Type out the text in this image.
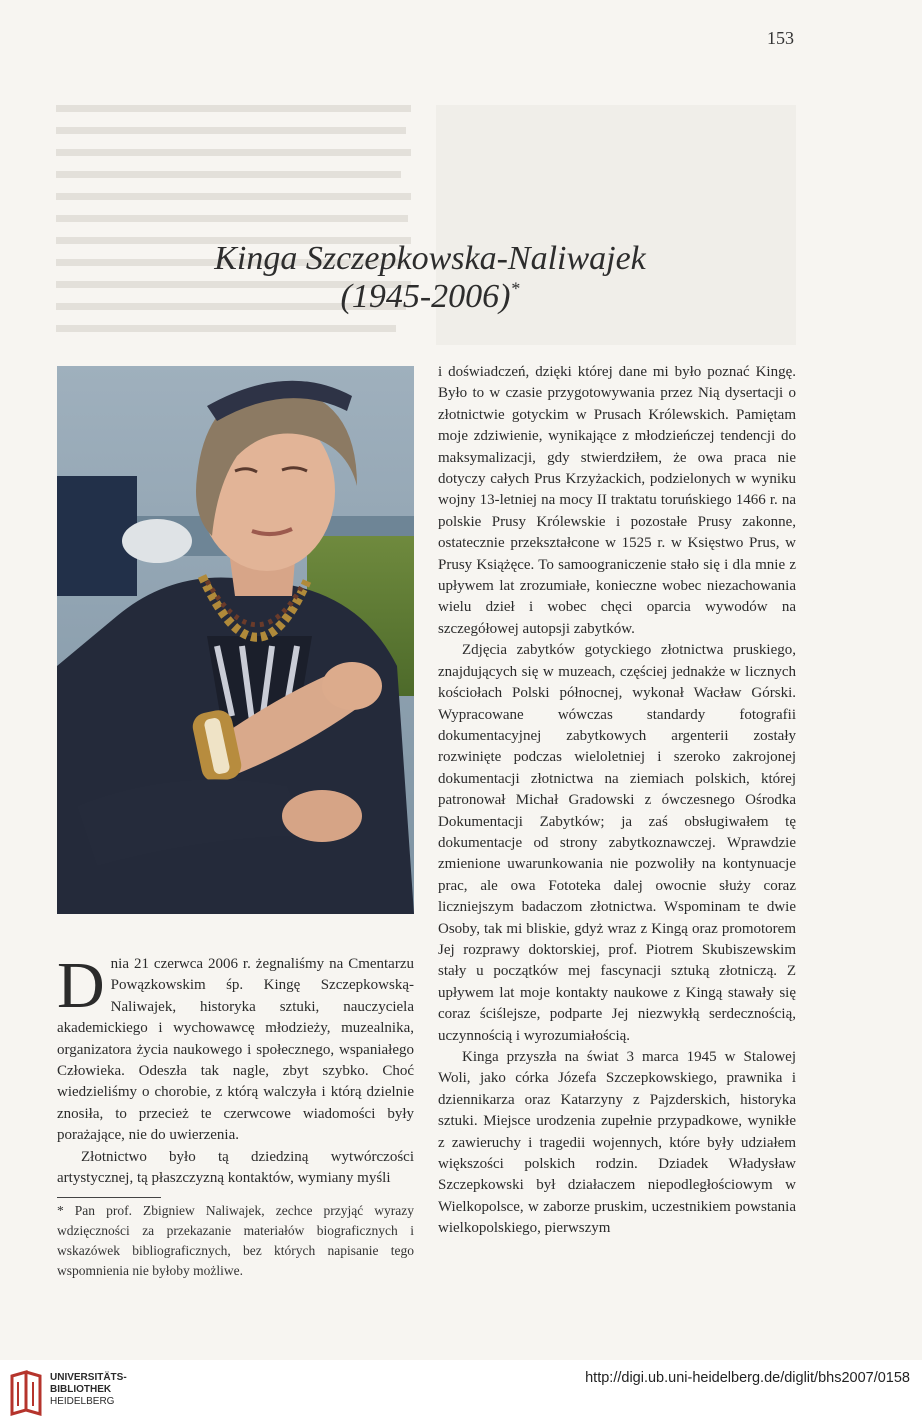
153
Kinga Szczepkowska-Naliwajek
(1945-2006)*

Dnia 21 czerwca 2006 r. żegnaliśmy na Cmentarzu Powązkowskim śp. Kingę Szczepkowską-Naliwajek, historyka sztuki, nauczyciela akademickiego i wychowawcę młodzieży, muzealnika, organizatora życia naukowego i społecznego, wspaniałego Człowieka. Odeszła tak nagle, zbyt szybko. Choć wiedzieliśmy o chorobie, z którą walczyła i którą dzielnie znosiła, to przecież te czerwcowe wiadomości były porażające, nie do uwierzenia.

Złotnictwo było tą dziedziną wytwórczości artystycznej, tą płaszczyzną kontaktów, wymiany myśli

* Pan prof. Zbigniew Naliwajek, zechce przyjąć wyrazy wdzięczności za przekazanie materiałów biograficznych i wskazówek bibliograficznych, bez których napisanie tego wspomnienia nie byłoby możliwe.

i doświadczeń, dzięki której dane mi było poznać Kingę. Było to w czasie przygotowywania przez Nią dysertacji o złotnictwie gotyckim w Prusach Królewskich. Pamiętam moje zdziwienie, wynikające z młodzieńczej tendencji do maksymalizacji, gdy stwierdziłem, że owa praca nie dotyczy całych Prus Krzyżackich, podzielonych w wyniku wojny 13-letniej na mocy II traktatu toruńskiego 1466 r. na polskie Prusy Królewskie i pozostałe Prusy zakonne, ostatecznie przekształcone w 1525 r. w Księstwo Prus, w Prusy Książęce. To samoograniczenie stało się i dla mnie z upływem lat zrozumiałe, konieczne wobec niezachowania wielu dzieł i wobec chęci oparcia wywodów na szczegółowej autopsji zabytków.

Zdjęcia zabytków gotyckiego złotnictwa pruskiego, znajdujących się w muzeach, częściej jednakże w licznych kościołach Polski północnej, wykonał Wacław Górski. Wypracowane wówczas standardy fotografii dokumentacyjnej zabytkowych argenterii zostały rozwinięte podczas wieloletniej i szeroko zakrojonej dokumentacji złotnictwa na ziemiach polskich, której patronował Michał Gradowski z ówczesnego Ośrodka Dokumentacji Zabytków; ja zaś obsługiwałem tę dokumentacje od strony zabytkoznawczej. Wprawdzie zmienione uwarunkowania nie pozwoliły na kontynuacje prac, ale owa Fototeka dalej owocnie służy coraz liczniejszym badaczom złotnictwa. Wspominam te dwie Osoby, tak mi bliskie, gdyż wraz z Kingą oraz promotorem Jej rozprawy doktorskiej, prof. Piotrem Skubiszewskim stały u początków mej fascynacji sztuką złotniczą. Z upływem lat moje kontakty naukowe z Kingą stawały się coraz ściślejsze, podparte Jej niezwykłą serdecznością, uczynnością i wyrozumiałością.

Kinga przyszła na świat 3 marca 1945 w Stalowej Woli, jako córka Józefa Szczepkowskiego, prawnika i dziennikarza oraz Katarzyny z Pajzderskich, historyka sztuki. Miejsce urodzenia zupełnie przypadkowe, wynikłe z zawieruchy i tragedii wojennych, które były udziałem większości polskich rodzin. Dziadek Władysław Szczepkowski był działaczem niepodległościowym w Wielkopolsce, w zaborze pruskim, uczestnikiem powstania wielkopolskiego, pierwszym

UNIVERSITÄTS-
BIBLIOTHEK
HEIDELBERG
http://digi.ub.uni-heidelberg.de/diglit/bhs2007/0158
